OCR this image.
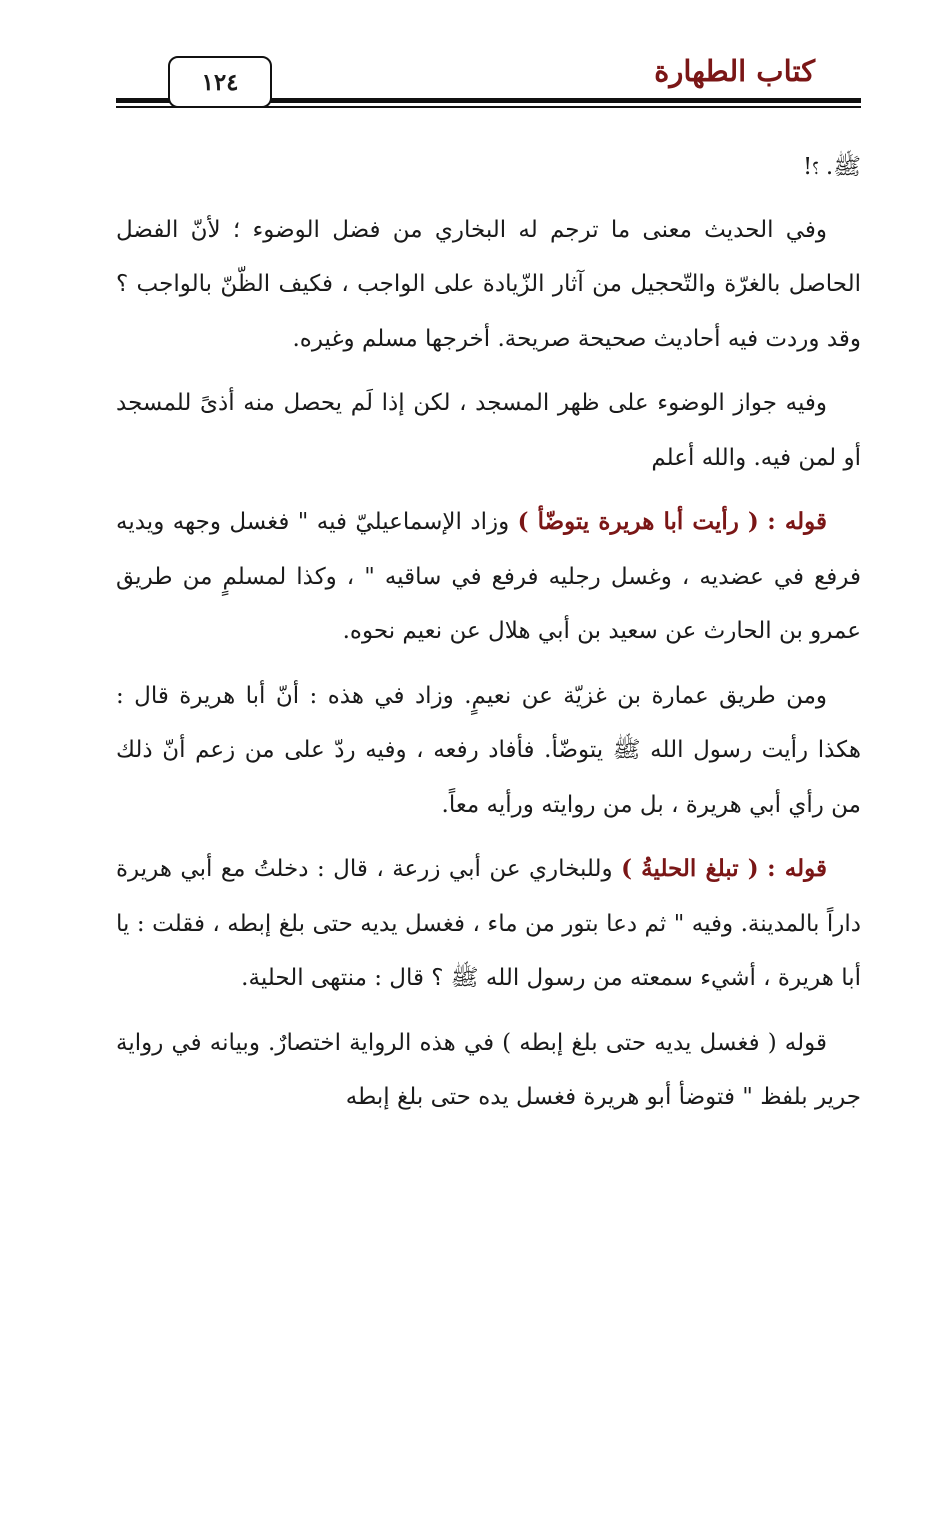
كتاب الطهارة
١٢٤

ﷺ. ؟!

وفي الحديث معنى ما ترجم له البخاري من فضل الوضوء ؛ لأنّ الفضل الحاصل بالغرّة والتّحجيل من آثار الزّيادة على الواجب ، فكيف الظّنّ بالواجب ؟ وقد وردت فيه أحاديث صحيحة صريحة. أخرجها مسلم وغيره.

وفيه جواز الوضوء على ظهر المسجد ، لكن إذا لَم يحصل منه أذىً للمسجد أو لمن فيه. والله أعلم

قوله : ( رأيت أبا هريرة يتوضّأ ) وزاد الإسماعيليّ فيه " فغسل وجهه ويديه فرفع في عضديه ، وغسل رجليه فرفع في ساقيه " ، وكذا لمسلمٍ من طريق عمرو بن الحارث عن سعيد بن أبي هلال عن نعيم نحوه.

ومن طريق عمارة بن غزيّة عن نعيمٍ. وزاد في هذه : أنّ أبا هريرة قال : هكذا رأيت رسول الله ﷺ يتوضّأ. فأفاد رفعه ، وفيه ردّ على من زعم أنّ ذلك من رأي أبي هريرة ، بل من روايته ورأيه معاً.

قوله : ( تبلغ الحليةُ ) وللبخاري عن أبي زرعة ، قال : دخلتُ مع أبي هريرة داراً بالمدينة. وفيه " ثم دعا بتور من ماء ، فغسل يديه حتى بلغ إبطه ، فقلت : يا أبا هريرة ، أشيء سمعته من رسول الله ﷺ ؟ قال : منتهى الحلية.

قوله ( فغسل يديه حتى بلغ إبطه ) في هذه الرواية اختصارٌ. وبيانه في رواية جرير بلفظ " فتوضأ أبو هريرة فغسل يده حتى بلغ إبطه
